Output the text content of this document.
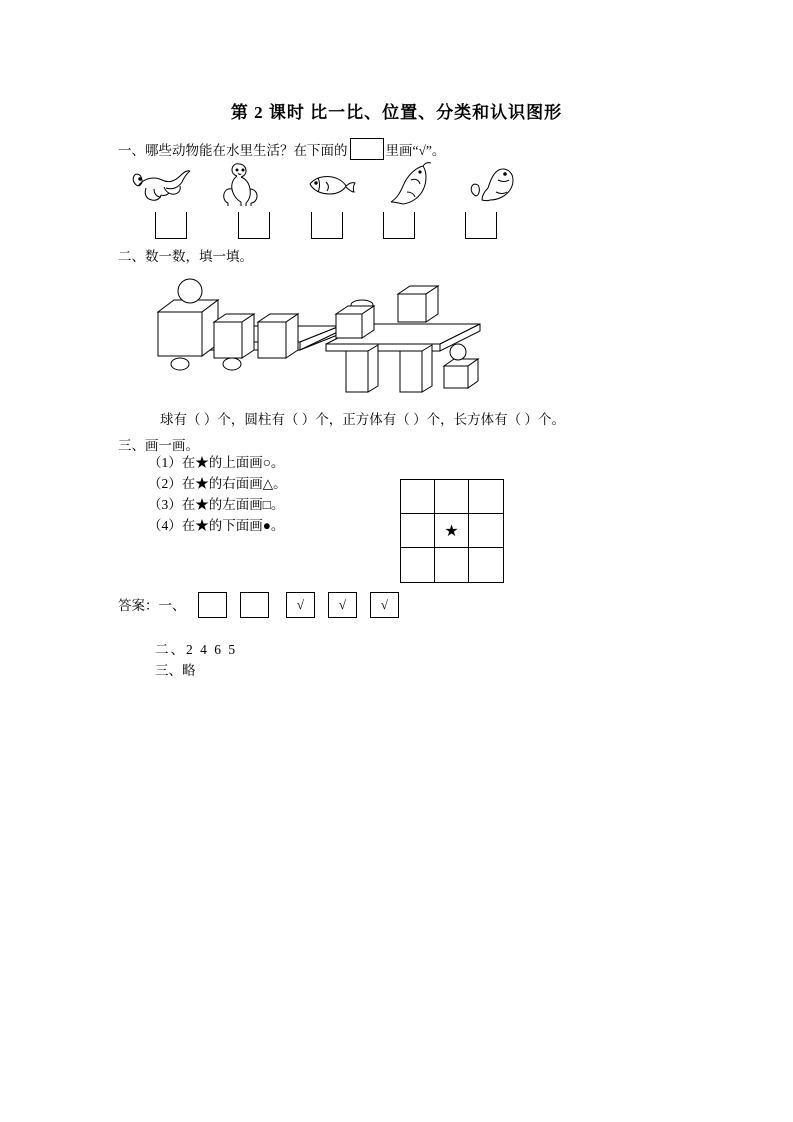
第 2 课时 比一比、位置、分类和认识图形
一、哪些动物能在水里生活？在下面的	里画“√”。
二、数一数，填一填。
球有（ ）个，圆柱有（ ）个，正方体有（ ）个，长方体有（ ）个。
三、画一画。
（1）在★的上面画○。
（2）在★的右面画△。
（3）在★的左面画□。
（4）在★的下面画●。	★
答案：一、	√	√	√
二、2 4 6 5
三、略
